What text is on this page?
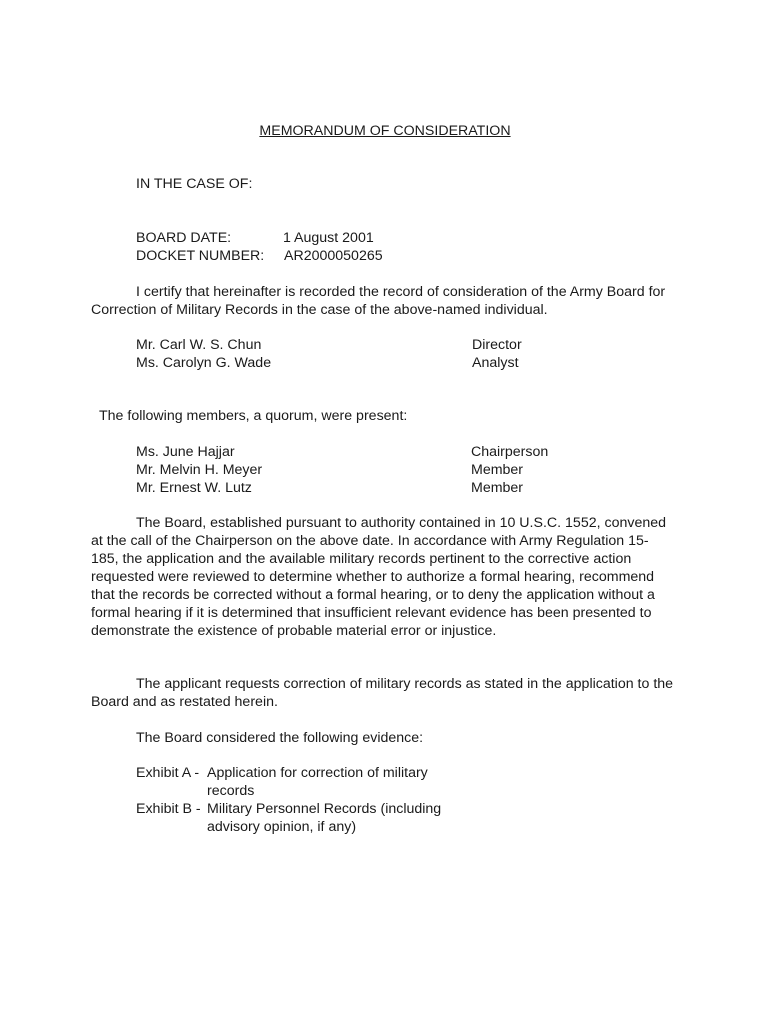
MEMORANDUM OF CONSIDERATION
IN THE CASE OF:
BOARD DATE:	1 August 2001
DOCKET NUMBER: AR2000050265
I certify that hereinafter is recorded the record of consideration of the Army Board for Correction of Military Records in the case of the above-named individual.
Mr. Carl W. S. Chun	Director
Ms. Carolyn G. Wade	Analyst
The following members, a quorum, were present:
Ms. June Hajjar	Chairperson
Mr. Melvin H. Meyer	Member
Mr. Ernest W. Lutz	Member
The Board, established pursuant to authority contained in 10 U.S.C. 1552, convened at the call of the Chairperson on the above date. In accordance with Army Regulation 15-185, the application and the available military records pertinent to the corrective action requested were reviewed to determine whether to authorize a formal hearing, recommend that the records be corrected without a formal hearing, or to deny the application without a formal hearing if it is determined that insufficient relevant evidence has been presented to demonstrate the existence of probable material error or injustice.
The applicant requests correction of military records as stated in the application to the Board and as restated herein.
The Board considered the following evidence:
Exhibit A - Application for correction of military records
Exhibit B - Military Personnel Records (including advisory opinion, if any)
